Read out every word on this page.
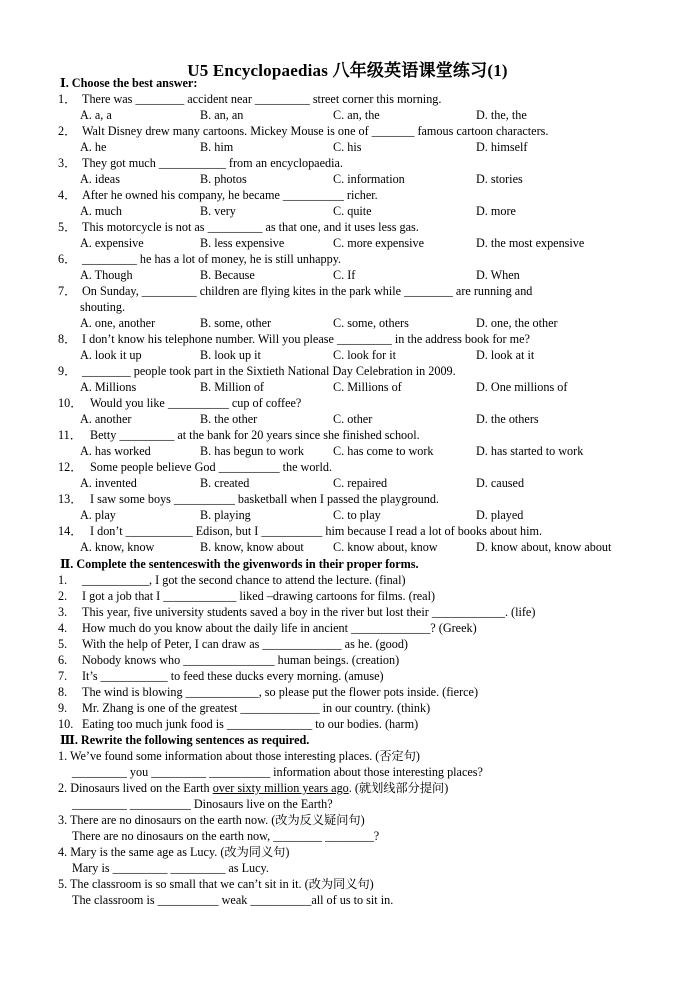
U5 Encyclopaedias 八年级英语课堂练习(1)
Ⅰ. Choose the best answer:
1． There was ________ accident near _________ street corner this morning.
A. a, a	B. an, an	C. an, the	D. the, the
2． Walt Disney drew many cartoons. Mickey Mouse is one of _______ famous cartoon characters.
A. he	B. him	C. his	D. himself
3． They got much ___________ from an encyclopaedia.
A. ideas	B. photos	C. information	D. stories
4． After he owned his company, he became __________ richer.
A. much	B. very	C. quite	D. more
5． This motorcycle is not as _________ as that one, and it uses less gas.
A. expensive	B. less expensive	C. more expensive	D. the most expensive
6． _________ he has a lot of money, he is still unhappy.
A. Though	B. Because	C. If	D. When
7． On Sunday, _________ children are flying kites in the park while ________ are running and
shouting.
A. one, another	B. some, other	C. some, others	D. one, the other
8． I don’t know his telephone number. Will you please _________ in the address book for me?
A. look it up	B. look up it	C. look for it	D. look at it
9． ________ people took part in the Sixtieth National Day Celebration in 2009.
A. Millions	B. Million of	C. Millions of	D. One millions of
10． Would you like __________ cup of coffee?
A. another	B. the other	C. other	D. the others
11． Betty _________ at the bank for 20 years since she finished school.
A. has worked	B. has begun to work C. has come to work	D. has started to work
12． Some people believe God __________ the world.
A. invented	B. created	C. repaired	D. caused
13． I saw some boys __________ basketball when I passed the playground.
A. play	B. playing	C. to play	D. played
14． I don’t ___________ Edison, but I __________ him because I read a lot of books about him.
A. know, know	B. know, know about C. know about, know	D. know about, know about
Ⅱ. Complete the sentenceswith the givenwords in their proper forms.
1. ___________, I got the second chance to attend the lecture. (final)
2. I got a job that I ____________ liked –drawing cartoons for films. (real)
3. This year, five university students saved a boy in the river but lost their ____________. (life)
4. How much do you know about the daily life in ancient _____________? (Greek)
5. With the help of Peter, I can draw as _____________ as he. (good)
6. Nobody knows who _______________ human beings. (creation)
7. It’s ___________ to feed these ducks every morning. (amuse)
8. The wind is blowing ____________, so please put the flower pots inside. (fierce)
9. Mr. Zhang is one of the greatest _____________ in our country. (think)
10. Eating too much junk food is ______________ to our bodies. (harm)
Ⅲ. Rewrite the following sentences as required.
1. We’ve found some information about those interesting places. (否定句)
_________ you _________ __________ information about those interesting places?
2. Dinosaurs lived on the Earth over sixty million years ago. (就划线部分提问)
_________ __________ Dinosaurs live on the Earth?
3. There are no dinosaurs on the earth now. (改为反义疑问句)
There are no dinosaurs on the earth now, ________ ________?
4. Mary is the same age as Lucy. (改为同义句)
Mary is _________ _________ as Lucy.
5. The classroom is so small that we can’t sit in it. (改为同义句)
The classroom is __________ weak __________all of us to sit in.
